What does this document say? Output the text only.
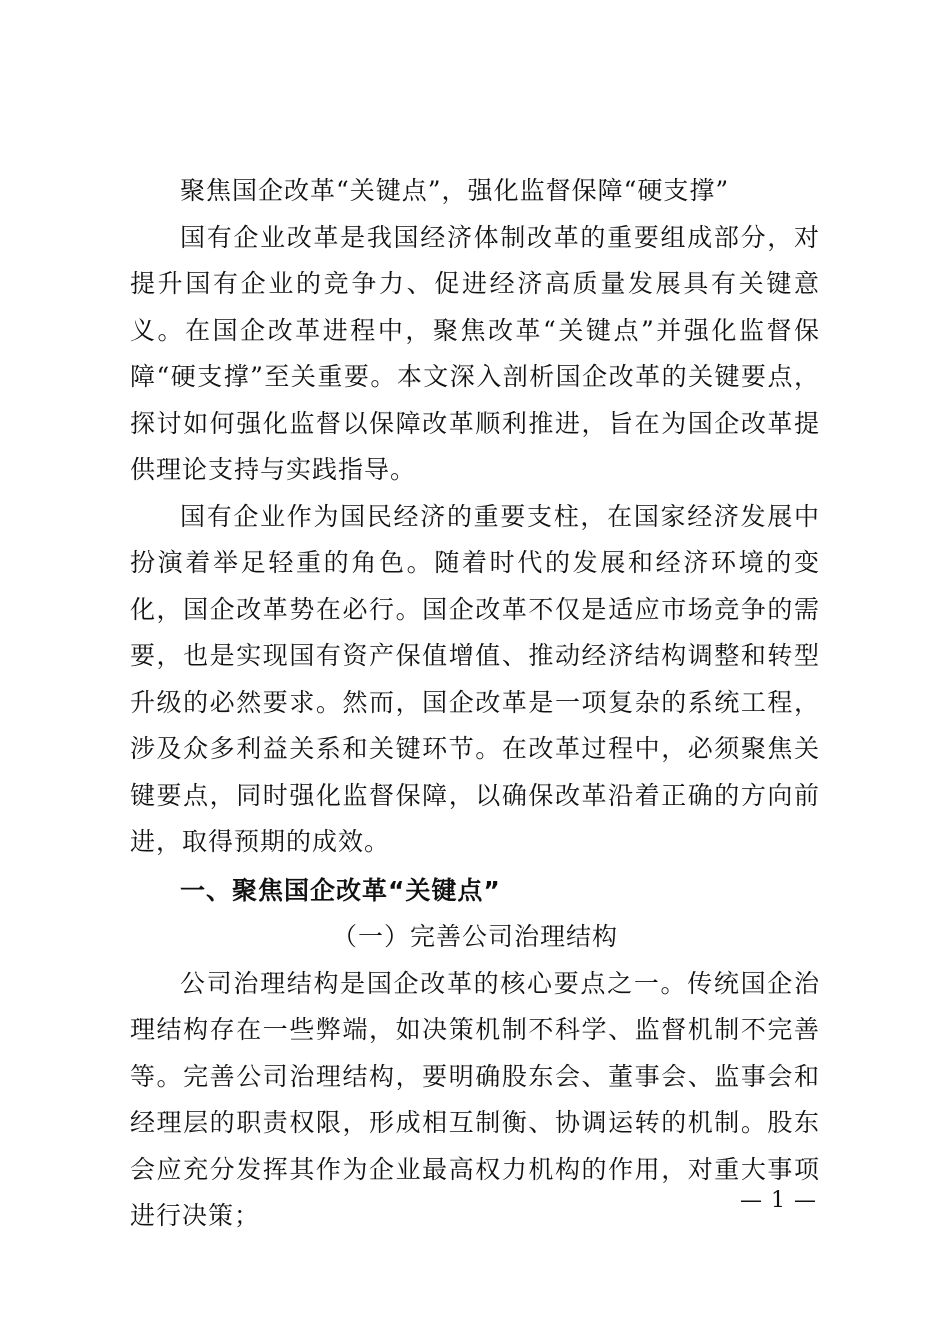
聚焦国企改革“关键点”，强化监督保障“硬支撑”

国有企业改革是我国经济体制改革的重要组成部分，对提升国有企业的竞争力、促进经济高质量发展具有关键意义。在国企改革进程中，聚焦改革“关键点”并强化监督保障“硬支撑”至关重要。本文深入剖析国企改革的关键要点，探讨如何强化监督以保障改革顺利推进，旨在为国企改革提供理论支持与实践指导。

国有企业作为国民经济的重要支柱，在国家经济发展中扮演着举足轻重的角色。随着时代的发展和经济环境的变化，国企改革势在必行。国企改革不仅是适应市场竞争的需要，也是实现国有资产保值增值、推动经济结构调整和转型升级的必然要求。然而，国企改革是一项复杂的系统工程，涉及众多利益关系和关键环节。在改革过程中，必须聚焦关键要点，同时强化监督保障，以确保改革沿着正确的方向前进，取得预期的成效。

一、聚焦国企改革“关键点”

（一）完善公司治理结构

公司治理结构是国企改革的核心要点之一。传统国企治理结构存在一些弊端，如决策机制不科学、监督机制不完善等。完善公司治理结构，要明确股东会、董事会、监事会和经理层的职责权限，形成相互制衡、协调运转的机制。股东会应充分发挥其作为企业最高权力机构的作用，对重大事项进行决策；

— 1 —
